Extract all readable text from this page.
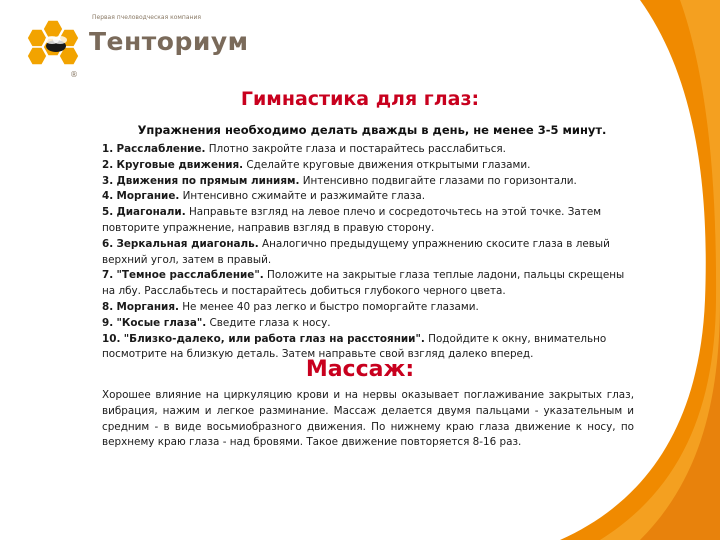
Первая пчеловодческая компания
Тенториум
®
Гимнастика для глаз:
Упражнения необходимо делать дважды в день, не менее 3-5 минут.
1. Расслабление. Плотно закройте глаза и постарайтесь расслабиться.
2. Круговые движения. Сделайте круговые движения открытыми глазами.
3. Движения по прямым линиям. Интенсивно подвигайте глазами по горизонтали.
4. Моргание. Интенсивно сжимайте и разжимайте глаза.
5. Диагонали. Направьте взгляд на левое плечо и сосредоточьтесь на этой точке. Затем повторите упражнение, направив взгляд в правую сторону.
6. Зеркальная диагональ. Аналогично предыдущему упражнению скосите глаза в левый верхний угол, затем в правый.
7. "Темное расслабление". Положите на закрытые глаза теплые ладони, пальцы скрещены на лбу. Расслабьтесь и постарайтесь добиться глубокого черного цвета.
8. Моргания. Не менее 40 раз легко и быстро поморгайте глазами.
9. "Косые глаза". Сведите глаза к носу.
10. "Близко-далеко, или работа глаз на расстоянии". Подойдите к окну, внимательно посмотрите на близкую деталь. Затем направьте свой взгляд далеко вперед.
Массаж:
Хорошее влияние на циркуляцию крови и на нервы оказывает поглаживание закрытых глаз, вибрация, нажим и легкое разминание. Массаж делается двумя пальцами - указательным и средним - в виде восьмиобразного движения. По нижнему краю глаза движение к носу, по верхнему краю глаза - над бровями. Такое движение повторяется 8-16 раз.
